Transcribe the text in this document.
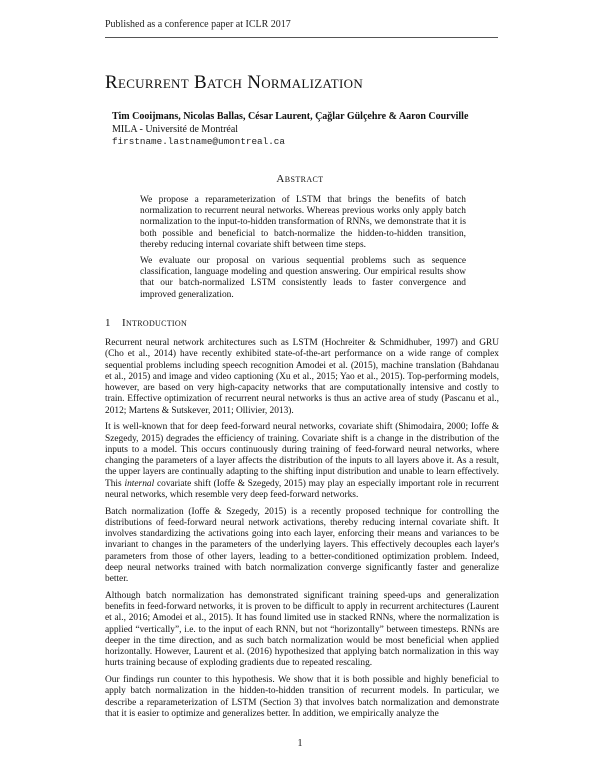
Published as a conference paper at ICLR 2017
Recurrent Batch Normalization
Tim Cooijmans, Nicolas Ballas, César Laurent, Çağlar Gülçehre & Aaron Courville
MILA - Université de Montréal
firstname.lastname@umontreal.ca
Abstract

We propose a reparameterization of LSTM that brings the benefits of batch normalization to recurrent neural networks. Whereas previous works only apply batch normalization to the input-to-hidden transformation of RNNs, we demonstrate that it is both possible and beneficial to batch-normalize the hidden-to-hidden transition, thereby reducing internal covariate shift between time steps.

We evaluate our proposal on various sequential problems such as sequence classification, language modeling and question answering. Our empirical results show that our batch-normalized LSTM consistently leads to faster convergence and improved generalization.

1 Introduction

Recurrent neural network architectures such as LSTM (Hochreiter & Schmidhuber, 1997) and GRU (Cho et al., 2014) have recently exhibited state-of-the-art performance on a wide range of complex sequential problems including speech recognition Amodei et al. (2015), machine translation (Bahdanau et al., 2015) and image and video captioning (Xu et al., 2015; Yao et al., 2015). Top-performing models, however, are based on very high-capacity networks that are computationally intensive and costly to train. Effective optimization of recurrent neural networks is thus an active area of study (Pascanu et al., 2012; Martens & Sutskever, 2011; Ollivier, 2013).

It is well-known that for deep feed-forward neural networks, covariate shift (Shimodaira, 2000; Ioffe & Szegedy, 2015) degrades the efficiency of training. Covariate shift is a change in the distribution of the inputs to a model. This occurs continuously during training of feed-forward neural networks, where changing the parameters of a layer affects the distribution of the inputs to all layers above it. As a result, the upper layers are continually adapting to the shifting input distribution and unable to learn effectively. This internal covariate shift (Ioffe & Szegedy, 2015) may play an especially important role in recurrent neural networks, which resemble very deep feed-forward networks.

Batch normalization (Ioffe & Szegedy, 2015) is a recently proposed technique for controlling the distributions of feed-forward neural network activations, thereby reducing internal covariate shift. It involves standardizing the activations going into each layer, enforcing their means and variances to be invariant to changes in the parameters of the underlying layers. This effectively decouples each layer's parameters from those of other layers, leading to a better-conditioned optimization problem. Indeed, deep neural networks trained with batch normalization converge significantly faster and generalize better.

Although batch normalization has demonstrated significant training speed-ups and generalization benefits in feed-forward networks, it is proven to be difficult to apply in recurrent architectures (Laurent et al., 2016; Amodei et al., 2015). It has found limited use in stacked RNNs, where the normalization is applied “vertically”, i.e. to the input of each RNN, but not “horizontally” between timesteps. RNNs are deeper in the time direction, and as such batch normalization would be most beneficial when applied horizontally. However, Laurent et al. (2016) hypothesized that applying batch normalization in this way hurts training because of exploding gradients due to repeated rescaling.

Our findings run counter to this hypothesis. We show that it is both possible and highly beneficial to apply batch normalization in the hidden-to-hidden transition of recurrent models. In particular, we describe a reparameterization of LSTM (Section 3) that involves batch normalization and demonstrate that it is easier to optimize and generalizes better. In addition, we empirically analyze the

1
